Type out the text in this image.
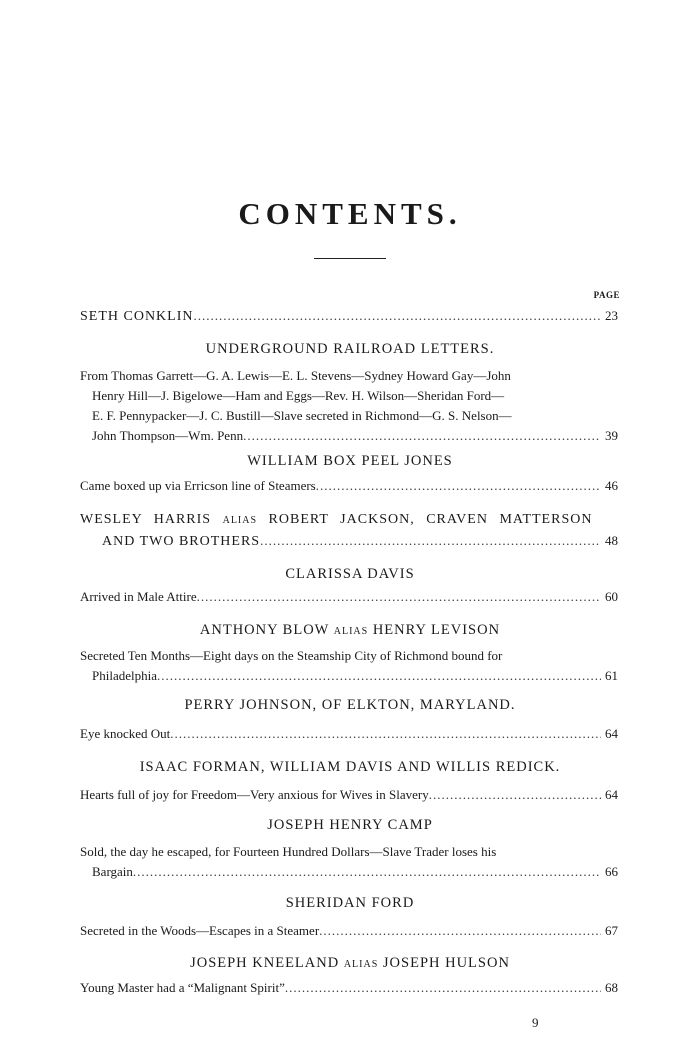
CONTENTS.
PAGE
SETH CONKLIN .....	23
UNDERGROUND RAILROAD LETTERS.
From Thomas Garrett—G. A. Lewis—E. L. Stevens—Sydney Howard Gay—John
Henry Hill—J. Bigelowe—Ham and Eggs—Rev. H. Wilson—Sheridan Ford—
E. F. Pennypacker—J. C. Bustill—Slave secreted in Richmond—G. S. Nelson—
John Thompson—Wm. Penn .....	39
WILLIAM BOX PEEL JONES
Came boxed up via Erricson line of Steamers .....	46
WESLEY HARRIS ALIAS ROBERT JACKSON, CRAVEN MATTERSON
AND TWO BROTHERS .....	48
CLARISSA DAVIS
Arrived in Male Attire .....	60
ANTHONY BLOW ALIAS HENRY LEVISON
Secreted Ten Months—Eight days on the Steamship City of Richmond bound for
Philadelphia .....	61
PERRY JOHNSON, OF ELKTON, MARYLAND.
Eye knocked Out .....	64
ISAAC FORMAN, WILLIAM DAVIS AND WILLIS REDICK.
Hearts full of joy for Freedom—Very anxious for Wives in Slavery .....	64
JOSEPH HENRY CAMP
Sold, the day he escaped, for Fourteen Hundred Dollars—Slave Trader loses his
Bargain .....	66
SHERIDAN FORD
Secreted in the Woods—Escapes in a Steamer .....	67
JOSEPH KNEELAND ALIAS JOSEPH HULSON
Young Master had a “Malignant Spirit” .....	68
9
